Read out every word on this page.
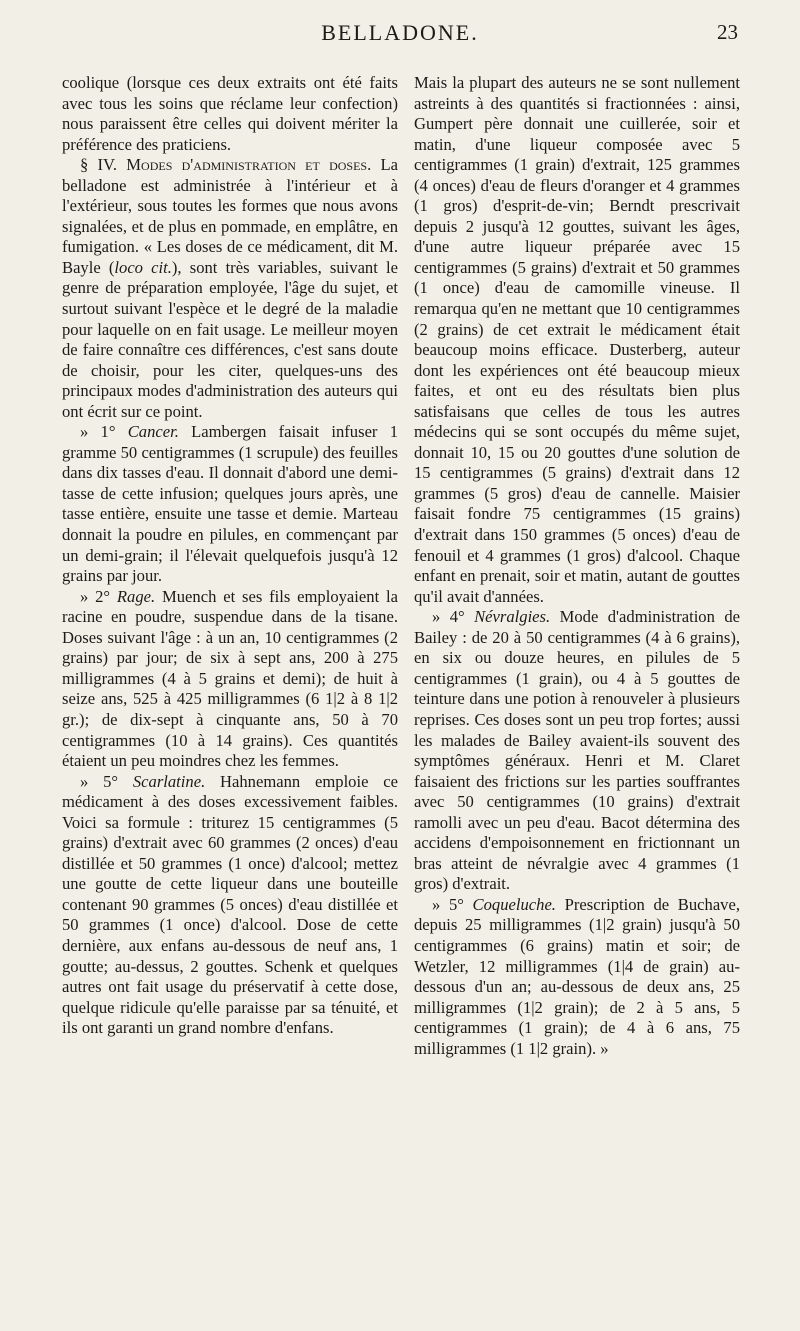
BELLADONE.	23

coolique (lorsque ces deux extraits ont été faits avec tous les soins que réclame leur confection) nous paraissent être celles qui doivent mériter la préférence des praticiens.

§ IV. Modes d'administration et doses. La belladone est administrée à l'intérieur et à l'extérieur, sous toutes les formes que nous avons signalées, et de plus en pommade, en emplâtre, en fumigation. « Les doses de ce médicament, dit M. Bayle (loco cit.), sont très variables, suivant le genre de préparation employée, l'âge du sujet, et surtout suivant l'espèce et le degré de la maladie pour laquelle on en fait usage. Le meilleur moyen de faire connaître ces différences, c'est sans doute de choisir, pour les citer, quelques-uns des principaux modes d'administration des auteurs qui ont écrit sur ce point.

» 1° Cancer. Lambergen faisait infuser 1 gramme 50 centigrammes (1 scrupule) des feuilles dans dix tasses d'eau. Il donnait d'abord une demi-tasse de cette infusion; quelques jours après, une tasse entière, ensuite une tasse et demie. Marteau donnait la poudre en pilules, en commençant par un demi-grain; il l'élevait quelquefois jusqu'à 12 grains par jour.

» 2° Rage. Muench et ses fils employaient la racine en poudre, suspendue dans de la tisane. Doses suivant l'âge : à un an, 10 centigrammes (2 grains) par jour; de six à sept ans, 200 à 275 milligrammes (4 à 5 grains et demi); de huit à seize ans, 525 à 425 milligrammes (6 1|2 à 8 1|2 gr.); de dix-sept à cinquante ans, 50 à 70 centigrammes (10 à 14 grains). Ces quantités étaient un peu moindres chez les femmes.

» 5° Scarlatine. Hahnemann emploie ce médicament à des doses excessivement faibles. Voici sa formule : triturez 15 centigrammes (5 grains) d'extrait avec 60 grammes (2 onces) d'eau distillée et 50 grammes (1 once) d'alcool; mettez une goutte de cette liqueur dans une bouteille contenant 90 grammes (5 onces) d'eau distillée et 50 grammes (1 once) d'alcool. Dose de cette dernière, aux enfans au-dessous de neuf ans, 1 goutte; au-dessus, 2 gouttes. Schenk et quelques autres ont fait usage du préservatif à cette dose, quelque ridicule qu'elle paraisse par sa ténuité, et ils ont garanti un grand nombre d'enfans.

Mais la plupart des auteurs ne se sont nullement astreints à des quantités si fractionnées : ainsi, Gumpert père donnait une cuillerée, soir et matin, d'une liqueur composée avec 5 centigrammes (1 grain) d'extrait, 125 grammes (4 onces) d'eau de fleurs d'oranger et 4 grammes (1 gros) d'esprit-de-vin; Berndt prescrivait depuis 2 jusqu'à 12 gouttes, suivant les âges, d'une autre liqueur préparée avec 15 centigrammes (5 grains) d'extrait et 50 grammes (1 once) d'eau de camomille vineuse. Il remarqua qu'en ne mettant que 10 centigrammes (2 grains) de cet extrait le médicament était beaucoup moins efficace. Dusterberg, auteur dont les expériences ont été beaucoup mieux faites, et ont eu des résultats bien plus satisfaisans que celles de tous les autres médecins qui se sont occupés du même sujet, donnait 10, 15 ou 20 gouttes d'une solution de 15 centigrammes (5 grains) d'extrait dans 12 grammes (5 gros) d'eau de cannelle. Maisier faisait fondre 75 centigrammes (15 grains) d'extrait dans 150 grammes (5 onces) d'eau de fenouil et 4 grammes (1 gros) d'alcool. Chaque enfant en prenait, soir et matin, autant de gouttes qu'il avait d'années.

» 4° Névralgies. Mode d'administration de Bailey : de 20 à 50 centigrammes (4 à 6 grains), en six ou douze heures, en pilules de 5 centigrammes (1 grain), ou 4 à 5 gouttes de teinture dans une potion à renouveler à plusieurs reprises. Ces doses sont un peu trop fortes; aussi les malades de Bailey avaient-ils souvent des symptômes généraux. Henri et M. Claret faisaient des frictions sur les parties souffrantes avec 50 centigrammes (10 grains) d'extrait ramolli avec un peu d'eau. Bacot détermina des accidens d'empoisonnement en frictionnant un bras atteint de névralgie avec 4 grammes (1 gros) d'extrait.

» 5° Coqueluche. Prescription de Buchave, depuis 25 milligrammes (1|2 grain) jusqu'à 50 centigrammes (6 grains) matin et soir; de Wetzler, 12 milligrammes (1|4 de grain) au-dessous d'un an; au-dessous de deux ans, 25 milligrammes (1|2 grain); de 2 à 5 ans, 5 centigrammes (1 grain); de 4 à 6 ans, 75 milligrammes (1 1|2 grain). »
